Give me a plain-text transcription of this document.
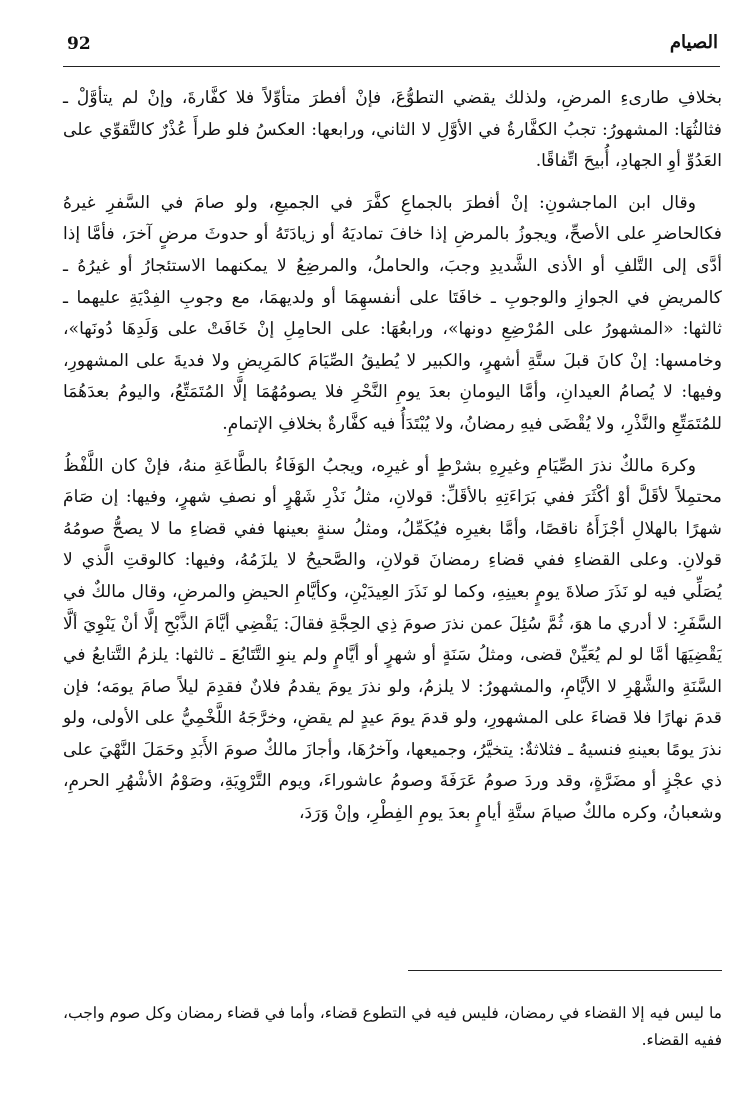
92	الصيام

بخلافِ طارىءِ المرضِ، ولذلك يقضي التطوُّعَ، فإنْ أفطرَ متأوِّلاً فلا كفَّارةَ، وإنْ لم يتأوَّلْ ـ فثالثُهَا: المشهورُ: تجبُ الكفَّارةُ في الأوَّلِ لا الثاني، ورابعها: العكسُ فلو طرأَ عُذْرٌ كالتَّقوِّي على العَدُوِّ أوِ الجهادِ، أُبيحَ اتِّفاقًا.

وقال ابن الماجشونِ: إنْ أفطرَ بالجماعِ كفَّرَ في الجميعِ، ولو صامَ في السَّفرِ غيرهُ فكالحاضرِ على الأصحِّ، ويجوزُ بالمرضِ إذا خافَ تماديَهُ أو زيادَتَهُ أو حدوثَ مرضٍ آخرَ، فأمَّا إذا أدَّى إلى التَّلفِ أو الأذى الشَّديدِ وجبَ، والحاملُ، والمرضِعُ لا يمكنهما الاستئجارُ أو غيرُهُ ـ كالمريضِ في الجوازِ والوجوبِ ـ خافَتَا على أنفسهِمَا أو ولديهمَا، مع وجوبِ الفِدْيَةِ عليهما ـ ثالثها: «المشهورُ على المُرْضِعِ دونها»، ورابعُهَا: على الحامِلِ إنْ خَافَتْ على وَلَدِهَا دُونَها»، وخامسها: إنْ كانَ قبلَ ستَّةِ أشهرٍ، والكبير لا يُطيقُ الصِّيَامَ كالمَرِيضِ ولا فديةَ على المشهورِ، وفيها: لا يُصامُ العيدانِ، وأمَّا اليومانِ بعدَ يومِ النَّحْرِ فلا يصومُهُمَا إلَّا المُتَمَتِّعُ، واليومُ بعدَهُمَا للمُتَمَتِّعِ والنَّذْرِ، ولا يُقْضَى فيهِ رمضانُ، ولا يُبْتَدَأُ فيه كفَّارةٌ بخلافِ الإتمامِ.

وكرهَ مالكٌ نذرَ الصِّيَامِ وغيرِهِ بشرْطٍ أو غيرِه، ويجبُ الوَفَاءُ بالطَّاعَةِ منهُ، فإنْ كان اللَّفْظُ محتمِلاً لأقَلَّ أوْ أكْثَرَ ففي بَرَاءَتِهِ بالأقَلِّ: قولانِ، مثلُ نَذْرِ شَهْرٍ أو نصفِ شهرٍ، وفيها: إن صَامَ شهرًا بالهلالِ أجْزَأَهُ ناقصًا، وأمَّا بغيرِه فيُكَمِّلُ، ومثلُ سنةٍ بعينها ففي قضاءِ ما لا يصحُّ صومُهُ قولانِ. وعلى القضاءِ ففي قضاءِ رمضانَ قولانِ، والصَّحيحُ لا يلزَمُهُ، وفيها: كالوقتِ الَّذي لا يُصَلِّي فيه لو نَذَرَ صلاةَ يومٍ بعينِهِ، وكما لو نَذَرَ العِيدَيْنِ، وكأيَّامِ الحيضِ والمرضِ، وقال مالكٌ في السَّفَرِ: لا أدري ما هوَ، ثُمَّ سُئِلَ عمن نذرَ صومَ ذِي الحِجَّةِ فقالَ: يَقْضِي أيَّامَ الذَّبْحِ إلَّا أنْ يَنْوِيَ ألَّا يَقْضِيَهَا أمَّا لو لم يُعَيِّنْ قضى، ومثلُ سَنَةٍ أو شهرٍ أو أيَّامٍ ولم ينوِ التَّتَابُعَ ـ ثالثها: يلزمُ التَّتابعُ في السَّنَةِ والشَّهْرِ لا الأيَّامِ، والمشهورُ: لا يلزمُ، ولو نذرَ يومَ يقدمُ فلانٌ فقدِمَ ليلاً صامَ يومَه؛ فإن قدمَ نهارًا فلا قضاءَ على المشهورِ، ولو قدمَ يومَ عيدٍ لم يقضِ، وخرَّجَهُ اللَّخْمِيُّ على الأولى، ولو نذرَ يومًا بعينهِ فنسيهُ ـ فثلاثةٌ: يتخيَّرُ، وجميعها، وآخرُهَا، وأجازَ مالكٌ صومَ الأَبَدِ وحَمَلَ النَّهْيَ على ذي عجْزٍ أو مضَرَّةٍ، وقد وردَ صومُ عَرَفَةَ وصومُ عاشوراءَ، ويوم التَّرْوِيَةِ، وصَوْمُ الأشْهُرِ الحرمِ، وشعبانُ، وكره مالكٌ صيامَ ستَّةِ أيامٍ بعدَ يومِ الفِطْرِ، وإنْ وَرَدَ،

ما ليس فيه إلا القضاء في رمضان، فليس فيه في التطوع قضاء، وأما في قضاء رمضان وكل صوم واجب، ففيه القضاء.
